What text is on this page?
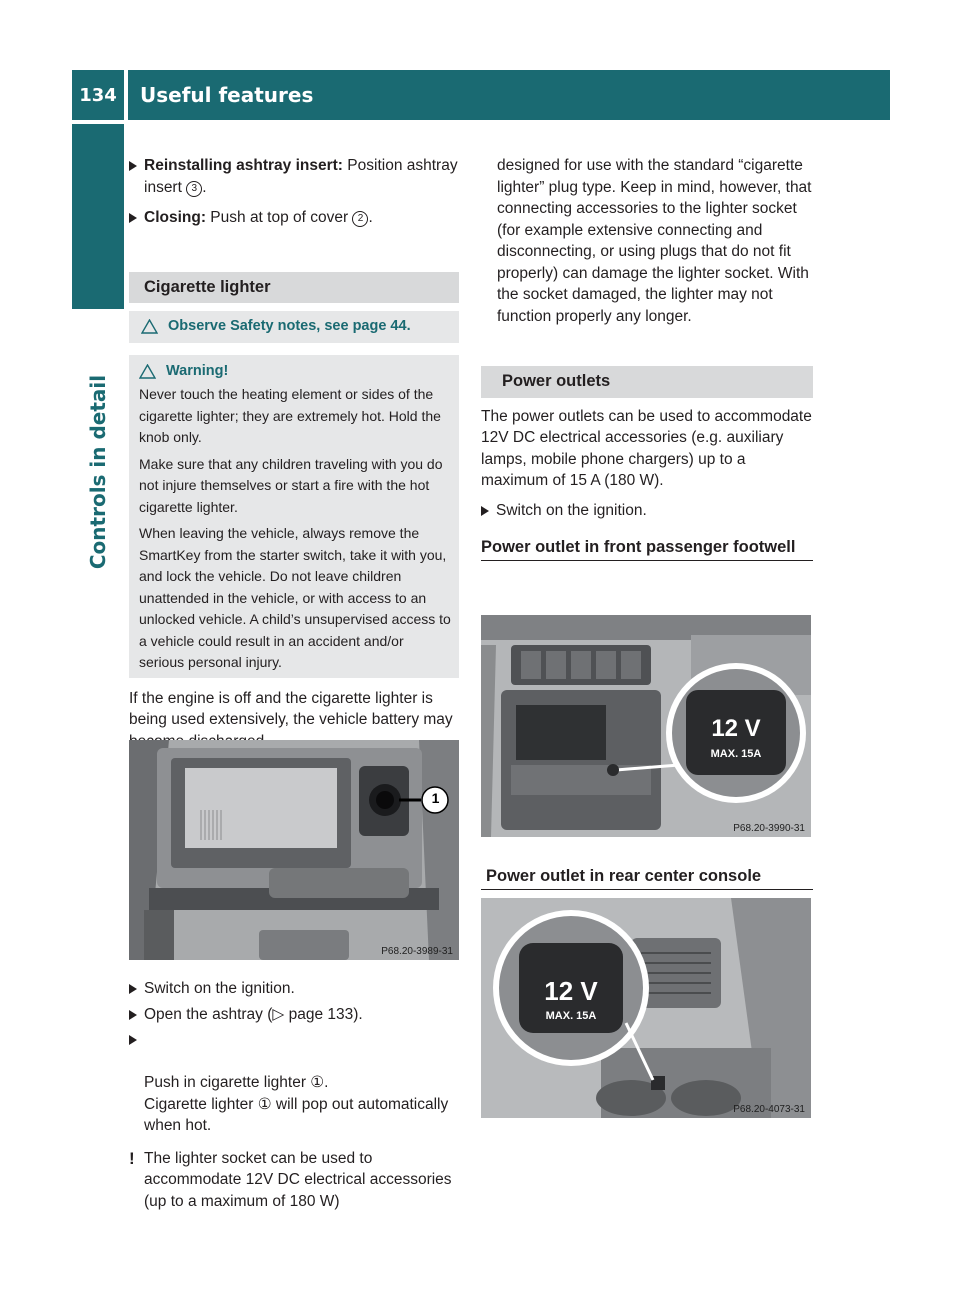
134	Useful features
Controls in detail
Reinstalling ashtray insert: Position ashtray insert 3 .
Closing: Push at top of cover 2 .
Cigarette lighter
Observe Safety notes, see page 44.
Warning!

Never touch the heating element or sides of the cigarette lighter; they are extremely hot. Hold the knob only.

Make sure that any children traveling with you do not injure themselves or start a fire with the hot cigarette lighter.

When leaving the vehicle, always remove the SmartKey from the starter switch, take it with you, and lock the vehicle. Do not leave children unattended in the vehicle, or with access to an unlocked vehicle. A child’s unsupervised access to a vehicle could result in an accident and/or serious personal injury.

If the engine is off and the cigarette lighter is being used extensively, the vehicle battery may

1
P68.20-3989-31
Switch on the ignition.
Open the ashtray (▷ page 133).

Push in cigarette lighter ①.
Cigarette lighter ① will pop out automatically when hot.

! The lighter socket can be used to accommodate 12V DC electrical accessories (up to a maximum of 180 W)

designed for use with the standard “cigarette lighter” plug type. Keep in mind, however, that connecting accessories to the lighter socket (for example extensive connecting and disconnecting, or using plugs that do not fit properly) can damage the lighter socket. With the socket damaged, the lighter may not function properly any longer.

Power outlets

The power outlets can be used to accommodate 12V DC electrical accessories (e.g. auxiliary lamps, mobile phone chargers) up to a maximum of 15 A (180 W).

Switch on the ignition.
Power outlet in front passenger footwell
12 V
MAX. 15A
P68.20-3990-31
Power outlet in rear center console
12 V
MAX. 15A
P68.20-4073-31
